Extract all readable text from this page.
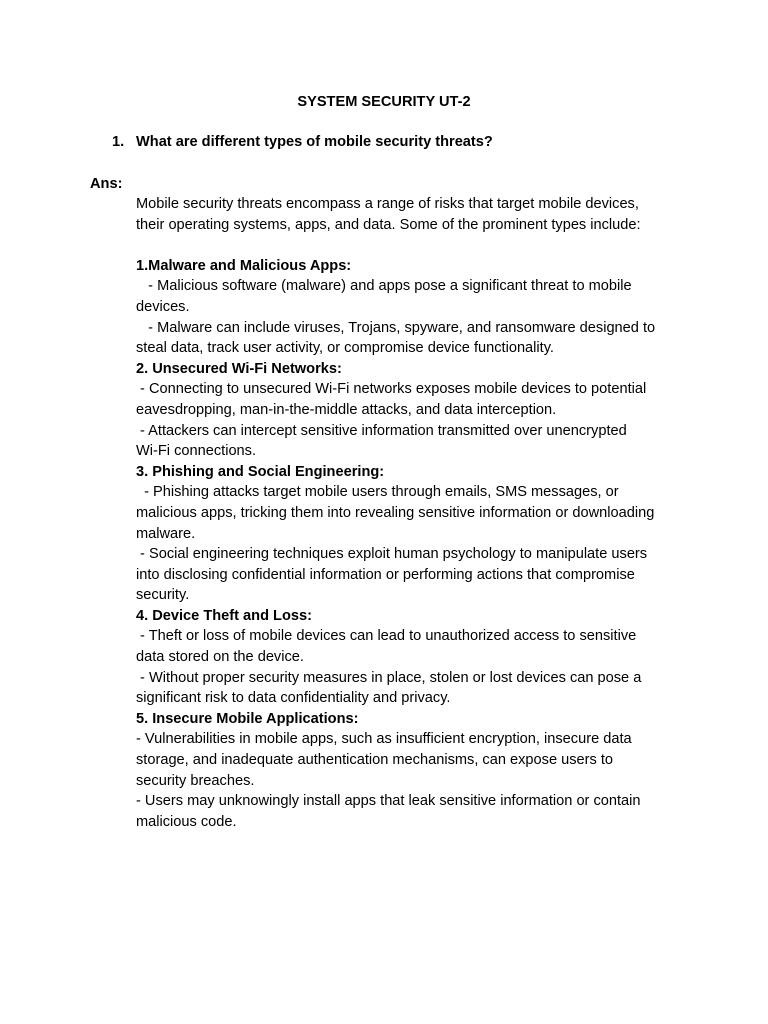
SYSTEM SECURITY UT-2
1. What are different types of mobile security threats?
Ans:
Mobile security threats encompass a range of risks that target mobile devices,
their operating systems, apps, and data. Some of the prominent types include:
1.Malware and Malicious Apps:
- Malicious software (malware) and apps pose a significant threat to mobile
devices.
- Malware can include viruses, Trojans, spyware, and ransomware designed to
steal data, track user activity, or compromise device functionality.
2. Unsecured Wi-Fi Networks:
- Connecting to unsecured Wi-Fi networks exposes mobile devices to potential
eavesdropping, man-in-the-middle attacks, and data interception.
- Attackers can intercept sensitive information transmitted over unencrypted
Wi-Fi connections.
3. Phishing and Social Engineering:
- Phishing attacks target mobile users through emails, SMS messages, or
malicious apps, tricking them into revealing sensitive information or downloading
malware.
- Social engineering techniques exploit human psychology to manipulate users
into disclosing confidential information or performing actions that compromise
security.
4. Device Theft and Loss:
- Theft or loss of mobile devices can lead to unauthorized access to sensitive
data stored on the device.
- Without proper security measures in place, stolen or lost devices can pose a
significant risk to data confidentiality and privacy.
5. Insecure Mobile Applications:
- Vulnerabilities in mobile apps, such as insufficient encryption, insecure data
storage, and inadequate authentication mechanisms, can expose users to
security breaches.
- Users may unknowingly install apps that leak sensitive information or contain
malicious code.
